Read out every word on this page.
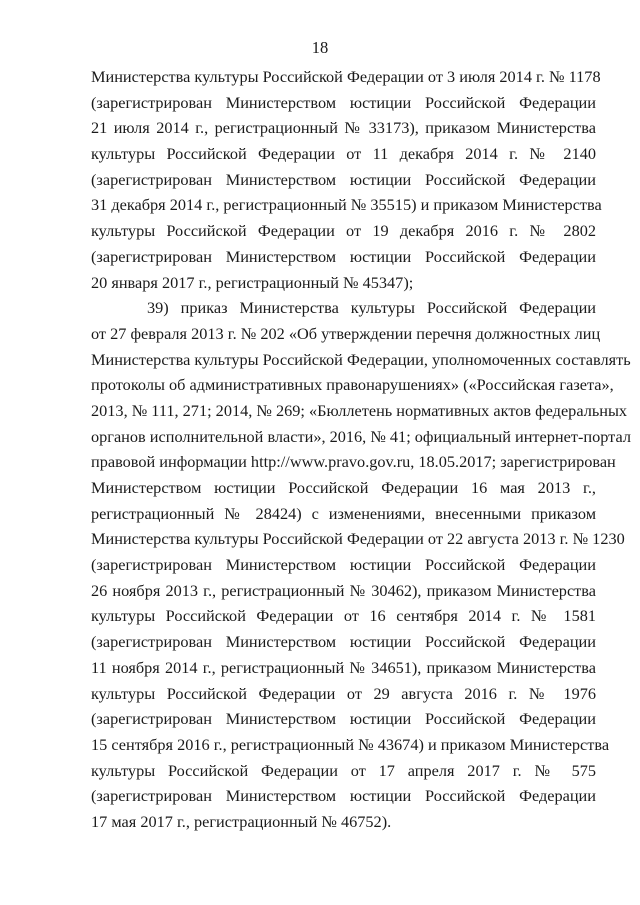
18
Министерства культуры Российской Федерации от 3 июля 2014 г. № 1178
(зарегистрирован Министерством юстиции Российской Федерации
21 июля 2014 г., регистрационный № 33173), приказом Министерства
культуры Российской Федерации от 11 декабря 2014 г. № 2140
(зарегистрирован Министерством юстиции Российской Федерации
31 декабря 2014 г., регистрационный № 35515) и приказом Министерства
культуры Российской Федерации от 19 декабря 2016 г. № 2802
(зарегистрирован Министерством юстиции Российской Федерации
20 января 2017 г., регистрационный № 45347);
39) приказ Министерства культуры Российской Федерации
от 27 февраля 2013 г. № 202 «Об утверждении перечня должностных лиц
Министерства культуры Российской Федерации, уполномоченных составлять
протоколы об административных правонарушениях» («Российская газета»,
2013, № 111, 271; 2014, № 269; «Бюллетень нормативных актов федеральных
органов исполнительной власти», 2016, № 41; официальный интернет-портал
правовой информации http://www.pravo.gov.ru, 18.05.2017; зарегистрирован
Министерством юстиции Российской Федерации 16 мая 2013 г.,
регистрационный № 28424) с изменениями, внесенными приказом
Министерства культуры Российской Федерации от 22 августа 2013 г. № 1230
(зарегистрирован Министерством юстиции Российской Федерации
26 ноября 2013 г., регистрационный № 30462), приказом Министерства
культуры Российской Федерации от 16 сентября 2014 г. № 1581
(зарегистрирован Министерством юстиции Российской Федерации
11 ноября 2014 г., регистрационный № 34651), приказом Министерства
культуры Российской Федерации от 29 августа 2016 г. № 1976
(зарегистрирован Министерством юстиции Российской Федерации
15 сентября 2016 г., регистрационный № 43674) и приказом Министерства
культуры Российской Федерации от 17 апреля 2017 г. № 575
(зарегистрирован Министерством юстиции Российской Федерации
17 мая 2017 г., регистрационный № 46752).
